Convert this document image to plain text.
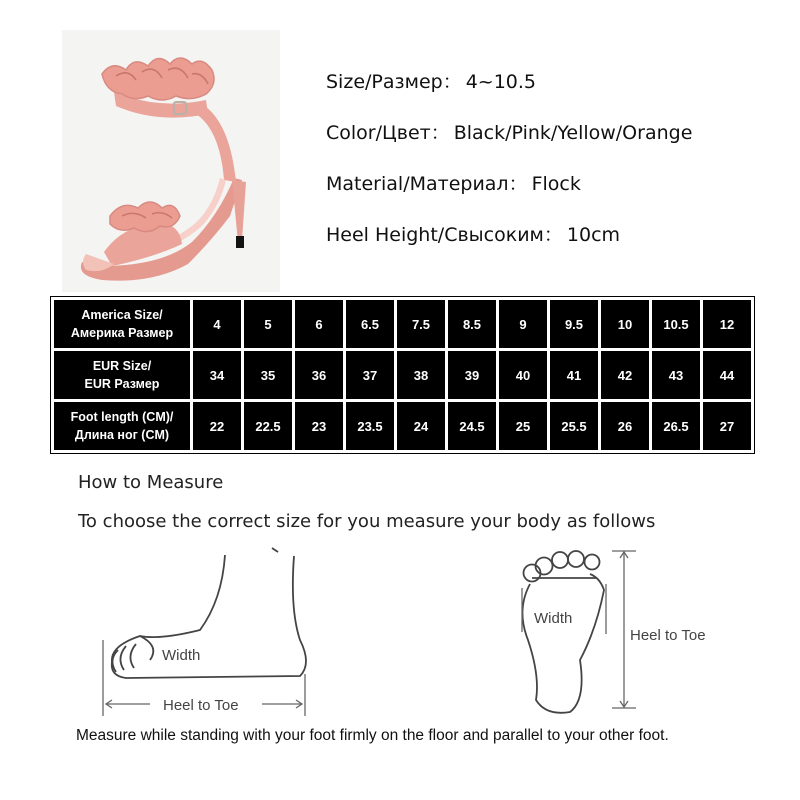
Size/Размер： 4~10.5
Color/Цвет： Black/Pink/Yellow/Orange
Material/Материал： Flock
Heel Height/Свысоким： 10cm
America Size/
Америка Размер	4	5	6	6.5	7.5	8.5	9	9.5	10	10.5	12

EUR Size/
EUR Размер	34	35	36	37	38	39	40	41	42	43	44

Foot length (CM)/
Длина ног (CM)	22	22.5	23	23.5	24	24.5	25	25.5	26	26.5	27
How to Measure
To choose the correct size for you measure your body as follows
Width
Heel to Toe
Width
Heel to Toe
Measure while standing with your foot firmly on the floor and parallel to your other foot.
